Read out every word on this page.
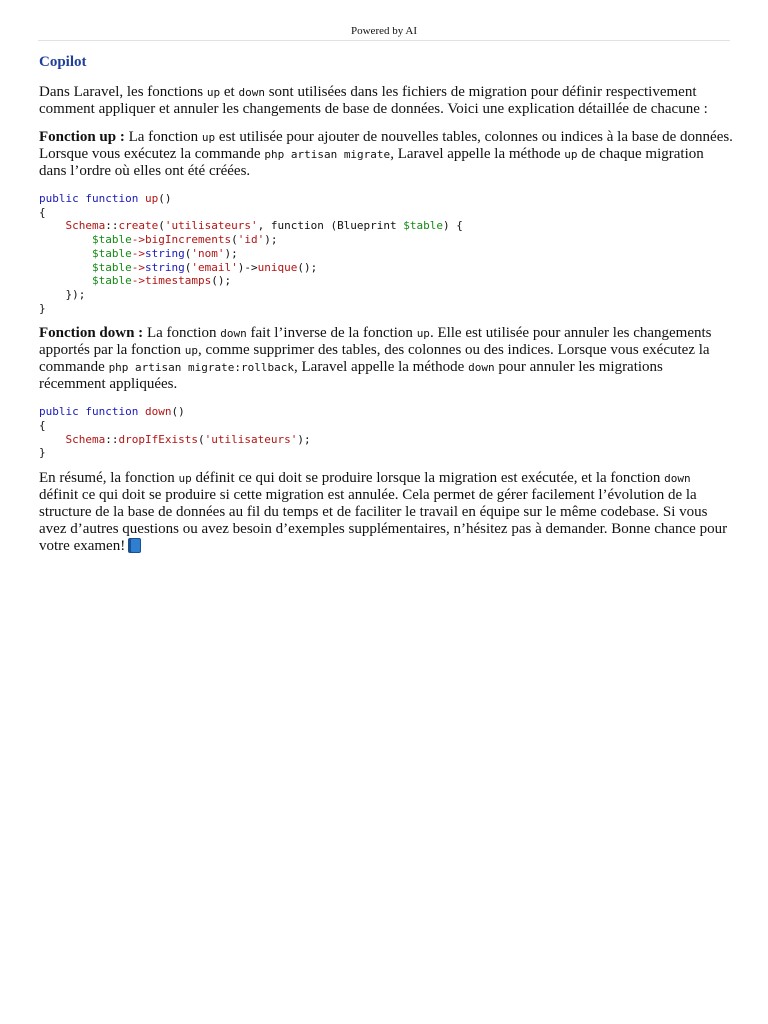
Powered by AI
Copilot

Dans Laravel, les fonctions up et down sont utilisées dans les fichiers de migration pour définir respectivement comment appliquer et annuler les changements de base de données. Voici une explication détaillée de chacune :

Fonction up : La fonction up est utilisée pour ajouter de nouvelles tables, colonnes ou indices à la base de données. Lorsque vous exécutez la commande php artisan migrate, Laravel appelle la méthode up de chaque migration dans l’ordre où elles ont été créées.

public function up()
{
Schema::create('utilisateurs', function (Blueprint $table) {
$table->bigIncrements('id');
$table->string('nom');
$table->string('email')->unique();
$table->timestamps();
});
}

Fonction down : La fonction down fait l’inverse de la fonction up. Elle est utilisée pour annuler les changements apportés par la fonction up, comme supprimer des tables, des colonnes ou des indices. Lorsque vous exécutez la commande php artisan migrate:rollback, Laravel appelle la méthode down pour annuler les migrations récemment appliquées.

public function down()
{
Schema::dropIfExists('utilisateurs');
}

En résumé, la fonction up définit ce qui doit se produire lorsque la migration est exécutée, et la fonction down définit ce qui doit se produire si cette migration est annulée. Cela permet de gérer facilement l’évolution de la structure de la base de données au fil du temps et de faciliter le travail en équipe sur le même codebase. Si vous avez d’autres questions ou avez besoin d’exemples supplémentaires, n’hésitez pas à demander. Bonne chance pour votre examen!
